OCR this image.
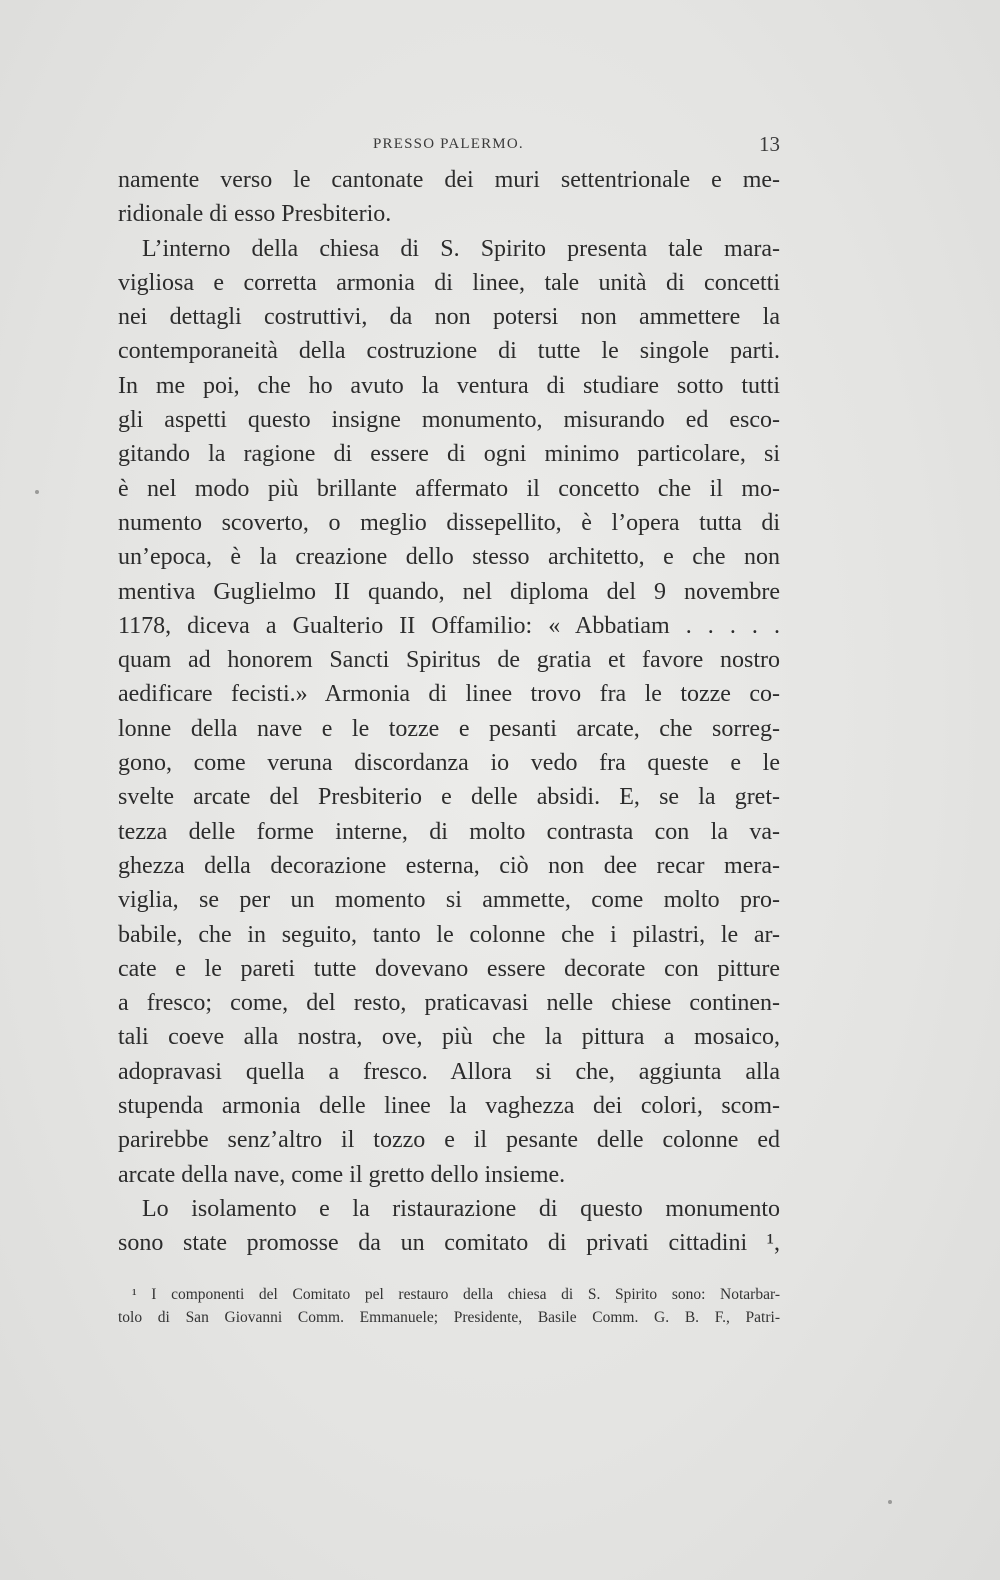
PRESSO PALERMO.	13
namente verso le cantonate dei muri settentrionale e me-
ridionale di esso Presbiterio.
L’interno della chiesa di S. Spirito presenta tale mara-
vigliosa e corretta armonia di linee, tale unità di concetti
nei dettagli costruttivi, da non potersi non ammettere la
contemporaneità della costruzione di tutte le singole parti.
In me poi, che ho avuto la ventura di studiare sotto tutti
gli aspetti questo insigne monumento, misurando ed esco-
gitando la ragione di essere di ogni minimo particolare, si
è nel modo più brillante affermato il concetto che il mo-
numento scoverto, o meglio dissepellito, è l’opera tutta di
un’epoca, è la creazione dello stesso architetto, e che non
mentiva Guglielmo II quando, nel diploma del 9 novembre
1178, diceva a Gualterio II Offamilio: « Abbatiam . . . . .
quam ad honorem Sancti Spiritus de gratia et favore nostro
aedificare fecisti.» Armonia di linee trovo fra le tozze co-
lonne della nave e le tozze e pesanti arcate, che sorreg-
gono, come veruna discordanza io vedo fra queste e le
svelte arcate del Presbiterio e delle absidi. E, se la gret-
tezza delle forme interne, di molto contrasta con la va-
ghezza della decorazione esterna, ciò non dee recar mera-
viglia, se per un momento si ammette, come molto pro-
babile, che in seguito, tanto le colonne che i pilastri, le ar-
cate e le pareti tutte dovevano essere decorate con pitture
a fresco; come, del resto, praticavasi nelle chiese continen-
tali coeve alla nostra, ove, più che la pittura a mosaico,
adopravasi quella a fresco. Allora si che, aggiunta alla
stupenda armonia delle linee la vaghezza dei colori, scom-
parirebbe senz’altro il tozzo e il pesante delle colonne ed
arcate della nave, come il gretto dello insieme.
Lo isolamento e la ristaurazione di questo monumento
sono state promosse da un comitato di privati cittadini ¹,
¹ I componenti del Comitato pel restauro della chiesa di S. Spirito sono: Notarbar-
tolo di San Giovanni Comm. Emmanuele; Presidente, Basile Comm. G. B. F., Patri-
